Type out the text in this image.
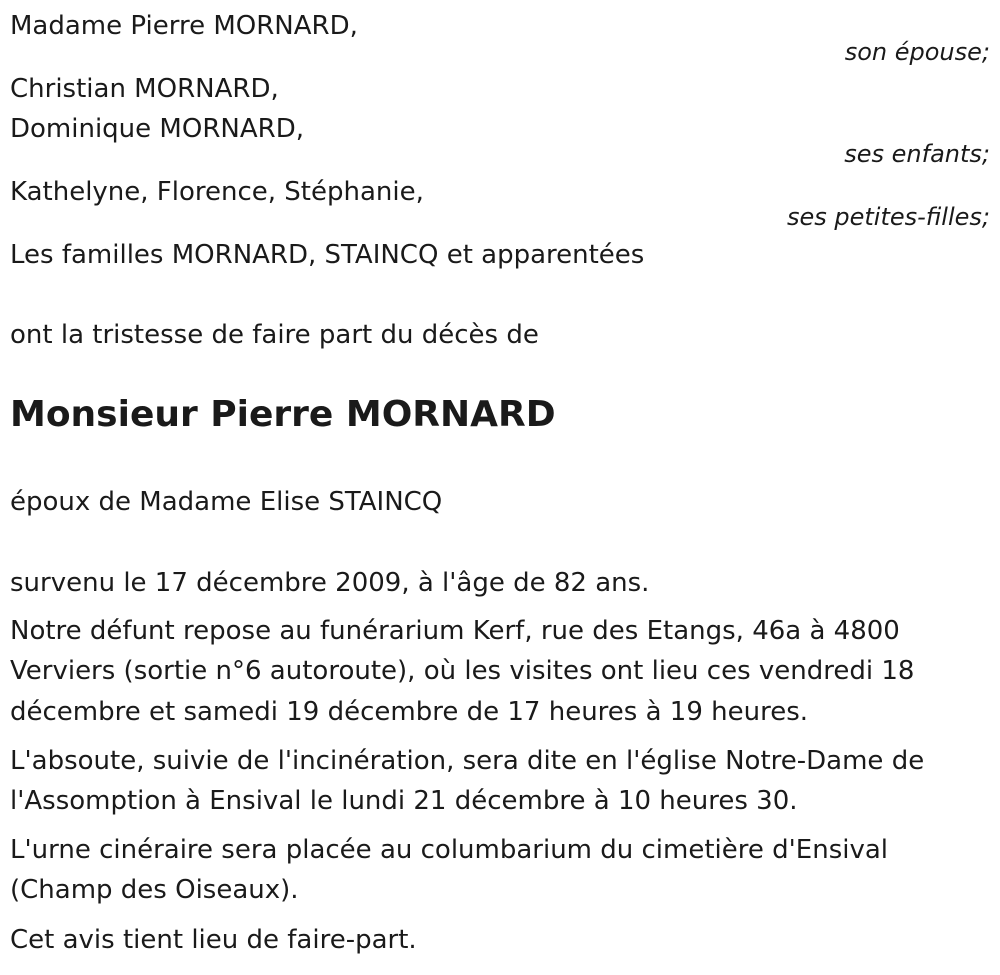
Madame Pierre MORNARD,

son épouse;

Christian MORNARD,

Dominique MORNARD,

ses enfants;

Kathelyne, Florence, Stéphanie,

ses petites-filles;

Les familles MORNARD, STAINCQ et apparentées

ont la tristesse de faire part du décès de

Monsieur Pierre MORNARD

époux de Madame Elise STAINCQ

survenu le 17 décembre 2009, à l'âge de 82 ans.

Notre défunt repose au funérarium Kerf, rue des Etangs, 46a à 4800

Verviers (sortie n°6 autoroute), où les visites ont lieu ces vendredi 18

décembre et samedi 19 décembre de 17 heures à 19 heures.

L'absoute, suivie de l'incinération, sera dite en l'église Notre-Dame de

l'Assomption à Ensival le lundi 21 décembre à 10 heures 30.

L'urne cinéraire sera placée au columbarium du cimetière d'Ensival

(Champ des Oiseaux).

Cet avis tient lieu de faire-part.
